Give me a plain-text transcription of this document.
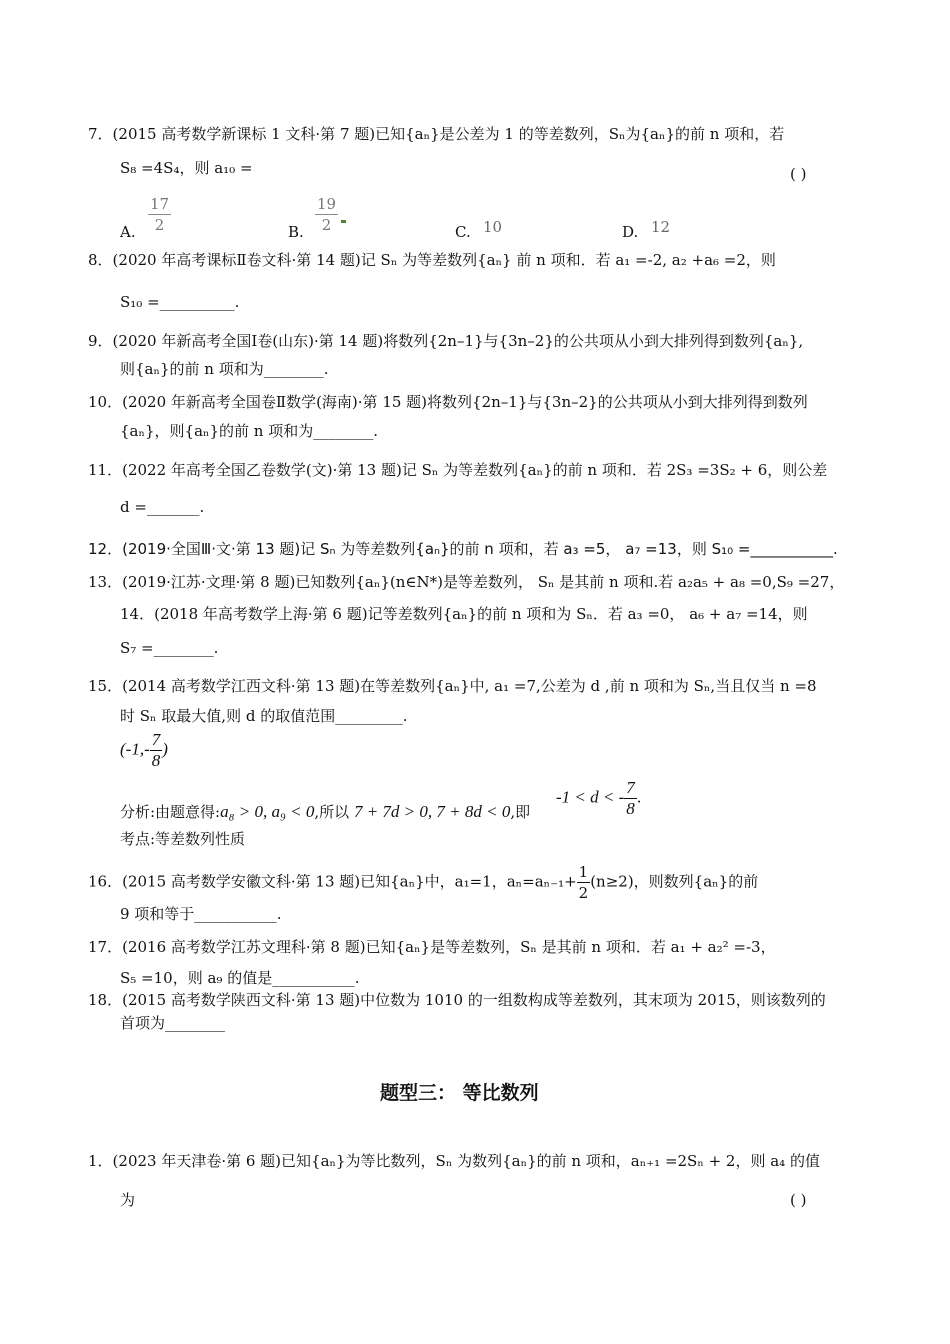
7．(2015 高考数学新课标 1 文科·第 7 题)已知{aₙ}是公差为 1 的等差数列，Sₙ为{aₙ}的前 n 项和，若
S₈ =4S₄，则 a₁₀ =	( )
A. $\frac{17}{2}$	B. $\frac{19}{2}$	C. 10	D. 12
8．(2020 年高考课标Ⅱ卷文科·第 14 题)记 Sₙ 为等差数列{aₙ} 前 n 项和．若 a₁ =-2, a₂ +a₆ =2，则
S₁₀ =__________.
9．(2020 年新高考全国Ⅰ卷(山东)·第 14 题)将数列{2n–1}与{3n–2}的公共项从小到大排列得到数列{aₙ},
则{aₙ}的前 n 项和为________.
10．(2020 年新高考全国卷Ⅱ数学(海南)·第 15 题)将数列{2n–1}与{3n–2}的公共项从小到大排列得到数列
{aₙ}，则{aₙ}的前 n 项和为________.
11．(2022 年高考全国乙卷数学(文)·第 13 题)记 Sₙ 为等差数列{aₙ}的前 n 项和．若 2S₃ =3S₂ + 6，则公差
d =_______.
12．(2019·全国Ⅲ·文·第 13 题)记 Sₙ 为等差数列{aₙ}的前 n 项和，若 a₃ =5， a₇ =13，则 S₁₀ =___________.
13．(2019·江苏·文理·第 8 题)已知数列{aₙ}(n∈N*)是等差数列， Sₙ 是其前 n 项和.若 a₂a₅ + a₈ =0,S₉ =27，
14．(2018 年高考数学上海·第 6 题)记等差数列{aₙ}的前 n 项和为 Sₙ．若 a₃ =0， a₆ + a₇ =14，则
S₇ =________.
15．(2014 高考数学江西文科·第 13 题)在等差数列{aₙ}中, a₁ =7,公差为 d ,前 n 项和为 Sₙ,当且仅当 n =8
时 Sₙ 取最大值,则 d 的取值范围_________.
($-1,- \frac{7}{8}$ )
分析:由题意得:a₈ > 0, a₉ < 0,所以 7 + 7d > 0, 7 + 8d < 0,即
-1 < d < - $\frac{7}{8}$ .
考点:等差数列性质
16．(2015 高考数学安徽文科·第 13 题)已知{aₙ}中，a₁=1，$a_n=a_{n-1}+ \frac{1}{2} (n\ge 2)$，则数列{aₙ}的前
9 项和等于___________.
17．(2016 高考数学江苏文理科·第 8 题)已知{aₙ}是等差数列，Sₙ 是其前 n 项和．若 a₁ + a₂² =-3，
S₅ =10，则 a₉ 的值是___________.
18．(2015 高考数学陕西文科·第 13 题)中位数为 1010 的一组数构成等差数列，其末项为 2015，则该数列的
首项为________
题型三： 等比数列
1．(2023 年天津卷·第 6 题)已知{aₙ}为等比数列，Sₙ 为数列{aₙ}的前 n 项和，aₙ₊₁ =2Sₙ + 2，则 a₄ 的值
为	( )
